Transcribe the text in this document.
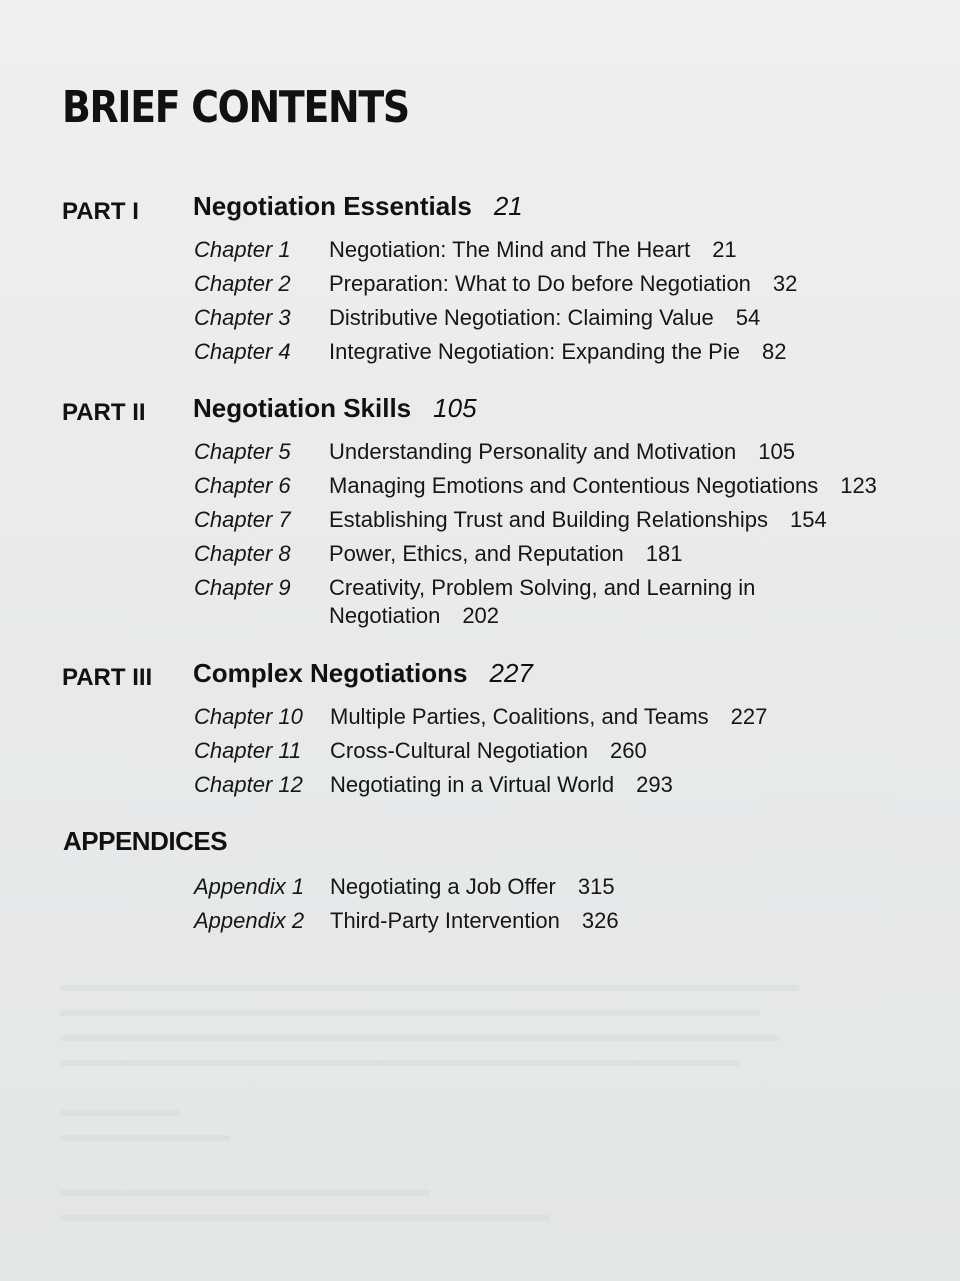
BRIEF CONTENTS
PART I Negotiation Essentials 21
Chapter 1 Negotiation: The Mind and The Heart 21
Chapter 2 Preparation: What to Do before Negotiation 32
Chapter 3 Distributive Negotiation: Claiming Value 54
Chapter 4 Integrative Negotiation: Expanding the Pie 82
PART II Negotiation Skills 105
Chapter 5 Understanding Personality and Motivation 105
Chapter 6 Managing Emotions and Contentious Negotiations 123
Chapter 7 Establishing Trust and Building Relationships 154
Chapter 8 Power, Ethics, and Reputation 181
Chapter 9 Creativity, Problem Solving, and Learning in
Negotiation 202
PART III Complex Negotiations 227
Chapter 10 Multiple Parties, Coalitions, and Teams 227
Chapter 11 Cross-Cultural Negotiation 260
Chapter 12 Negotiating in a Virtual World 293
APPENDICES
Appendix 1 Negotiating a Job Offer 315
Appendix 2 Third-Party Intervention 326
